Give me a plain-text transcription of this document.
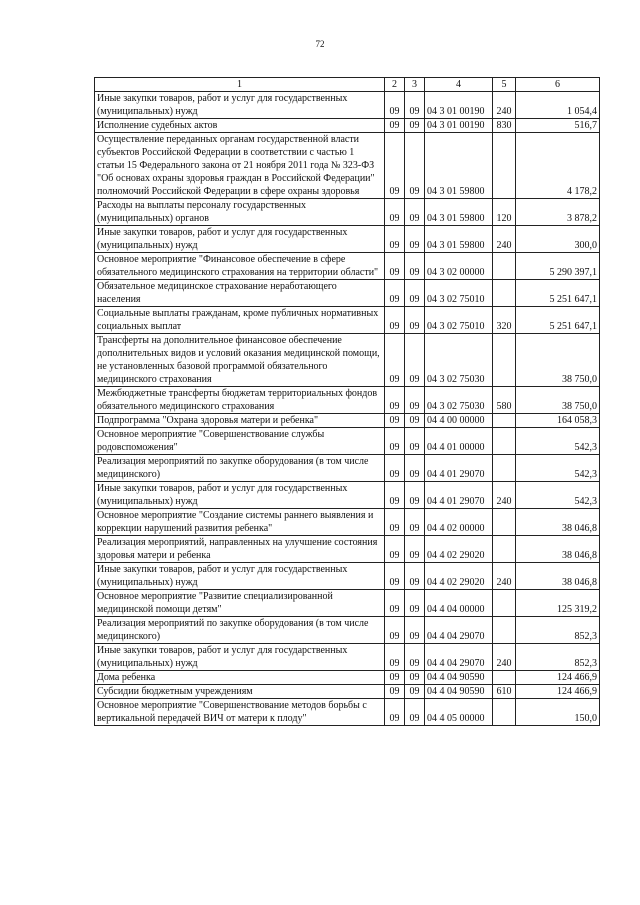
72
1	2	3	4	5	6
Иные закупки товаров, работ и услуг для государственных (муниципальных) нужд	09	09	04 3 01 00190	240	1 054,4
Исполнение судебных актов	09	09	04 3 01 00190	830	516,7
Осуществление переданных органам государственной власти субъектов Российской Федерации в соответствии с частью 1 статьи 15 Федерального закона от 21 ноября 2011 года № 323-ФЗ "Об основах охраны здоровья граждан в Российской Федерации" полномочий Российской Федерации в сфере охраны здоровья	09	09	04 3 01 59800		4 178,2
Расходы на выплаты персоналу государственных (муниципальных) органов	09	09	04 3 01 59800	120	3 878,2
Иные закупки товаров, работ и услуг для государственных (муниципальных) нужд	09	09	04 3 01 59800	240	300,0
Основное мероприятие "Финансовое обеспечение в сфере обязательного медицинского страхования на территории области"	09	09	04 3 02 00000		5 290 397,1
Обязательное медицинское страхование неработающего населения	09	09	04 3 02 75010		5 251 647,1
Социальные выплаты гражданам, кроме публичных нормативных социальных выплат	09	09	04 3 02 75010	320	5 251 647,1
Трансферты на дополнительное финансовое обеспечение дополнительных видов и условий оказания медицинской помощи, не установленных базовой программой обязательного медицинского страхования	09	09	04 3 02 75030		38 750,0
Межбюджетные трансферты бюджетам территориальных фондов обязательного медицинского страхования	09	09	04 3 02 75030	580	38 750,0
Подпрограмма "Охрана здоровья матери и ребенка"	09	09	04 4 00 00000		164 058,3
Основное мероприятие "Совершенствование службы родовспоможения"	09	09	04 4 01 00000		542,3
Реализация мероприятий по закупке оборудования (в том числе медицинского)	09	09	04 4 01 29070		542,3
Иные закупки товаров, работ и услуг для государственных (муниципальных) нужд	09	09	04 4 01 29070	240	542,3
Основное мероприятие "Создание системы раннего выявления и коррекции нарушений развития ребенка"	09	09	04 4 02 00000		38 046,8
Реализация мероприятий, направленных на улучшение состояния здоровья матери и ребенка	09	09	04 4 02 29020		38 046,8
Иные закупки товаров, работ и услуг для государственных (муниципальных) нужд	09	09	04 4 02 29020	240	38 046,8
Основное мероприятие "Развитие специализированной медицинской помощи детям"	09	09	04 4 04 00000		125 319,2
Реализация мероприятий по закупке оборудования (в том числе медицинского)	09	09	04 4 04 29070		852,3
Иные закупки товаров, работ и услуг для государственных (муниципальных) нужд	09	09	04 4 04 29070	240	852,3
Дома ребенка	09	09	04 4 04 90590		124 466,9
Субсидии бюджетным учреждениям	09	09	04 4 04 90590	610	124 466,9
Основное мероприятие "Совершенствование методов борьбы с вертикальной передачей ВИЧ от матери к плоду"	09	09	04 4 05 00000		150,0
